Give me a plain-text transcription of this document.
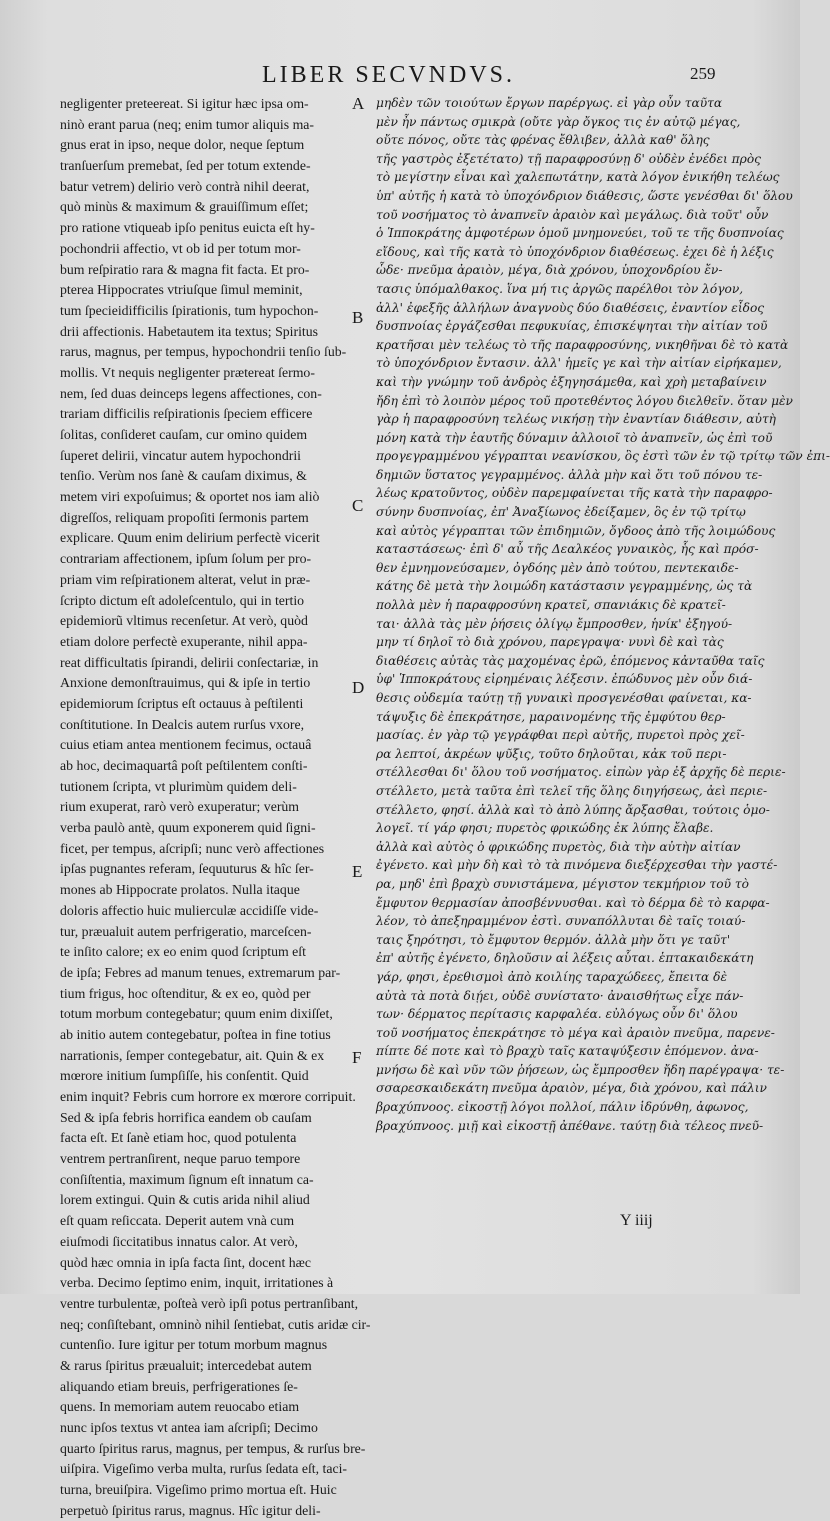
LIBER SECVNDVS.	259
negligenter preteereat. Si igitur hæc ipsa om-
ninò erant parua (neq; enim tumor aliquis ma-
gnus erat in ipso, neque dolor, neque ſeptum
tranſuerſum premebat, ſed per totum extende-
batur vetrem) delirio verò contrà nihil deerat,
quò minùs & maximum & grauiſſimum eſſet;
pro ratione vtiqueab ipſo penitus euicta eſt hy-
pochondrii affectio, vt ob id per totum mor-
bum reſpiratio rara & magna fit facta. Et pro-
pterea Hippocrates vtriuſque ſimul meminit,
tum ſpecieidifficilis ſpirationis, tum hypochon-
drii affectionis. Habetautem ita textus; Spiritus
rarus, magnus, per tempus, hypochondrii tenſio ſub-
mollis. Vt nequis negligenter prætereat ſermo-
nem, ſed duas deinceps legens affectiones, con-
trariam difficilis reſpirationis ſpeciem efficere
ſolitas, conſideret cauſam, cur omino quidem
ſuperet delirii, vincatur autem hypochondrii
tenſio. Verùm nos ſanè & cauſam diximus, &
metem viri expoſuimus; & oportet nos iam aliò
digreſſos, reliquam propoſiti ſermonis partem
explicare. Quum enim delirium perfectè vicerit
contrariam affectionem, ipſum ſolum per pro-
priam vim reſpirationem alterat, velut in præ-
ſcripto dictum eſt adoleſcentulo, qui in tertio
epidemiorũ vltimus recenſetur. At verò, quòd
etiam dolore perfectè exuperante, nihil appa-
reat difficultatis ſpirandi, delirii conſectariæ, in
Anxione demonſtrauimus, qui & ipſe in tertio
epidemiorum ſcriptus eſt octauus à peſtilenti
conſtitutione. In Dealcis autem rurſus vxore,
cuius etiam antea mentionem fecimus, octauâ
ab hoc, decimaquartâ poſt peſtilentem conſti-
tutionem ſcripta, vt plurimùm quidem deli-
rium exuperat, rarò verò exuperatur; verùm
verba paulò antè, quum exponerem quid ſigni-
ficet, per tempus, aſcripſi; nunc verò affectiones
ipſas pugnantes referam, ſequuturus & hîc ſer-
mones ab Hippocrate prolatos. Nulla itaque
doloris affectio huic mulierculæ accidiſſe vide-
tur, præualuit autem perfrigeratio, marceſcen-
te inſito calore; ex eo enim quod ſcriptum eſt
de ipſa; Febres ad manum tenues, extremarum par-
tium frigus, hoc oſtenditur, & ex eo, quòd per
totum morbum contegebatur; quum enim dixiſſet,
ab initio autem contegebatur, poſtea in fine totius
narrationis, ſemper contegebatur, ait. Quin & ex
mœrore initium ſumpſiſſe, his conſentit. Quid
enim inquit? Febris cum horrore ex mœrore corripuit.
Sed & ipſa febris horrifica eandem ob cauſam
facta eſt. Et ſanè etiam hoc, quod potulenta
ventrem pertranſirent, neque paruo tempore
conſiſtentia, maximum ſignum eſt innatum ca-
lorem extingui. Quin & cutis arida nihil aliud
eſt quam reſiccata. Deperit autem vnà cum
eiuſmodi ſiccitatibus innatus calor. At verò,
quòd hæc omnia in ipſa facta ſint, docent hæc
verba. Decimo ſeptimo enim, inquit, irritationes à
ventre turbulentæ, poſteà verò ipſi potus pertranſibant,
neq; conſiſtebant, omninò nihil ſentiebat, cutis aridæ cir-
cuntenſio. Iure igitur per totum morbum magnus
& rarus ſpiritus præualuit; intercedebat autem
aliquando etiam breuis, perfrigerationes ſe-
quens. In memoriam autem reuocabo etiam
nunc ipſos textus vt antea iam aſcripſi; Decimo
quarto ſpiritus rarus, magnus, per tempus, & rurſus bre-
uiſpira. Vigeſimo verba multa, rurſus ſedata eſt, taci-
turna, breuiſpira. Vigeſimo primo mortua eſt. Huic
perpetuò ſpiritus rarus, magnus. Hîc igitur deli-
A
B
C
D
E
F
μηδὲν τῶν τοιούτων ἔργων παρέργως. εἰ γὰρ οὖν ταῦτα
μὲν ἦν πάντως σμικρὰ (οὔτε γὰρ ὄγκος τις ἐν αὐτῷ μέγας,
οὔτε πόνος, οὔτε τὰς φρένας ἔθλιβεν, ἀλλὰ καθ' ὅλης
τῆς γαστρὸς ἐξετέτατο) τῇ παραφροσύνῃ δ' οὐδὲν ἐνέδει πρὸς
τὸ μεγίστην εἶναι καὶ χαλεπωτάτην, κατὰ λόγον ἐνικήθη τελέως
ὑπ' αὐτῆς ἡ κατὰ τὸ ὑποχόνδριον διάθεσις, ὥστε γενέσθαι δι' ὅλου
τοῦ νοσήματος τὸ ἀναπνεῖν ἀραιὸν καὶ μεγάλως. διὰ τοῦτ' οὖν
ὁ Ἱπποκράτης ἀμφοτέρων ὁμοῦ μνημονεύει, τοῦ τε τῆς δυσπνοίας
εἴδους, καὶ τῆς κατὰ τὸ ὑποχόνδριον διαθέσεως. ἐχει δὲ ἡ λέξις
ὧδε· πνεῦμα ἀραιὸν, μέγα, διὰ χρόνου, ὑποχονδρίου ἔν-
τασις ὑπόμαλθακος. ἵνα μή τις ἀργῶς παρέλθοι τὸν λόγον,
ἀλλ' ἐφεξῆς ἀλλήλων ἀναγνοὺς δύο διαθέσεις, ἐναντίον εἶδος
δυσπνοίας ἐργάζεσθαι πεφυκυίας, ἐπισκέψηται τὴν αἰτίαν τοῦ
κρατῆσαι μὲν τελέως τὸ τῆς παραφροσύνης, νικηθῆναι δὲ τὸ κατὰ
τὸ ὑποχόνδριον ἔντασιν. ἀλλ' ἡμεῖς γε καὶ τὴν αἰτίαν εἰρήκαμεν,
καὶ τὴν γνώμην τοῦ ἀνδρὸς ἐξηγησάμεθα, καὶ χρὴ μεταβαίνειν
ἤδη ἐπὶ τὸ λοιπὸν μέρος τοῦ προτεθέντος λόγου διελθεῖν. ὅταν μὲν
γὰρ ἡ παραφροσύνη τελέως νικήσῃ τὴν ἐναντίαν διάθεσιν, αὐτὴ
μόνη κατὰ τὴν ἑαυτῆς δύναμιν ἀλλοιοῖ τὸ ἀναπνεῖν, ὡς ἐπὶ τοῦ
προγεγραμμένου γέγραπται νεανίσκου, ὃς ἐστὶ τῶν ἐν τῷ τρίτῳ τῶν ἐπι-
δημιῶν ὕστατος γεγραμμένος. ἀλλὰ μὴν καὶ ὅτι τοῦ πόνου τε-
λέως κρατοῦντος, οὐδὲν παρεμφαίνεται τῆς κατὰ τὴν παραφρο-
σύνην δυσπνοίας, ἐπ' Ἀναξίωνος ἐδείξαμεν, ὃς ἐν τῷ τρίτῳ
καὶ αὐτὸς γέγραπται τῶν ἐπιδημιῶν, ὄγδοος ἀπὸ τῆς λοιμώδους
καταστάσεως· ἐπὶ δ' αὖ τῆς Δεαλκέος γυναικὸς, ἧς καὶ πρόσ-
θεν ἐμνημονεύσαμεν, ὀγδόης μὲν ἀπὸ τούτου, πεντεκαιδε-
κάτης δὲ μετὰ τὴν λοιμώδη κατάστασιν γεγραμμένης, ὡς τὰ
πολλὰ μὲν ἡ παραφροσύνη κρατεῖ, σπανιάκις δὲ κρατεῖ-
ται· ἀλλὰ τὰς μὲν ῥήσεις ὀλίγῳ ἔμπροσθεν, ἡνίκ' ἐξηγού-
μην τί δηλοῖ τὸ διὰ χρόνου, παρεγραψα· νυνὶ δὲ καὶ τὰς
διαθέσεις αὐτὰς τὰς μαχομένας ἐρῶ, ἑπόμενος κἀνταῦθα ταῖς
ὑφ' Ἱπποκράτους εἰρημέναις λέξεσιν. ἐπώδυνος μὲν οὖν διά-
θεσις οὐδεμία ταύτῃ τῇ γυναικὶ προσγενέσθαι φαίνεται, κα-
τάψυξις δὲ ἐπεκράτησε, μαραινομένης τῆς ἐμφύτου θερ-
μασίας. ἐν γὰρ τῷ γεγράφθαι περὶ αὐτῆς, πυρετοὶ πρὸς χεῖ-
ρα λεπτοί, ἀκρέων ψῦξις, τοῦτο δηλοῦται, κἀκ τοῦ περι-
στέλλεσθαι δι' ὅλου τοῦ νοσήματος. εἰπὼν γὰρ ἐξ ἀρχῆς δὲ περιε-
στέλλετο, μετὰ ταῦτα ἐπὶ τελεῖ τῆς ὅλης διηγήσεως, ἀεὶ περιε-
στέλλετο, φησί. ἀλλὰ καὶ τὸ ἀπὸ λύπης ἄρξασθαι, τούτοις ὁμο-
λογεῖ. τί γάρ φησι; πυρετὸς φρικώδης ἐκ λύπης ἔλαβε.
ἀλλὰ καὶ αὐτὸς ὁ φρικώδης πυρετὸς, διὰ τὴν αὐτὴν αἰτίαν
ἐγένετο. καὶ μὴν δὴ καὶ τὸ τὰ πινόμενα διεξέρχεσθαι τὴν γαστέ-
ρα, μηδ' ἐπὶ βραχὺ συνιστάμενα, μέγιστον τεκμήριον τοῦ τὸ
ἔμφυτον θερμασίαν ἀποσβέννυσθαι. καὶ τὸ δέρμα δὲ τὸ καρφα-
λέον, τὸ ἀπεξηραμμένον ἐστὶ. συναπόλλυται δὲ ταῖς τοιαύ-
ταις ξηρότησι, τὸ ἔμφυτον θερμόν. ἀλλὰ μὴν ὅτι γε ταῦτ'
ἐπ' αὐτῆς ἐγένετο, δηλοῦσιν αἱ λέξεις αὗται. ἑπτακαιδεκάτη
γάρ, φησι, ἐρεθισμοὶ ἀπὸ κοιλίης ταραχώδεες, ἔπειτα δὲ
αὐτὰ τὰ ποτὰ διῄει, οὐδὲ συνίστατο· ἀναισθήτως εἶχε πάν-
των· δέρματος περίτασις καρφαλέα. εὐλόγως οὖν δι' ὅλου
τοῦ νοσήματος ἐπεκράτησε τὸ μέγα καὶ ἀραιὸν πνεῦμα, παρενε-
πίπτε δέ ποτε καὶ τὸ βραχὺ ταῖς καταψύξεσιν ἑπόμενον. ἀνα-
μνήσω δὲ καὶ νῦν τῶν ῥήσεων, ὡς ἔμπροσθεν ἤδη παρέγραψα· τε-
σσαρεσκαιδεκάτη πνεῦμα ἀραιὸν, μέγα, διὰ χρόνου, καὶ πάλιν
βραχύπνοος. εἰκοστῇ λόγοι πολλοί, πάλιν ἱδρύνθη, ἀφωνος,
βραχύπνοος. μιῇ καὶ εἰκοστῇ ἀπέθανε. ταύτῃ διὰ τέλεος πνεῦ-
Y iiij
